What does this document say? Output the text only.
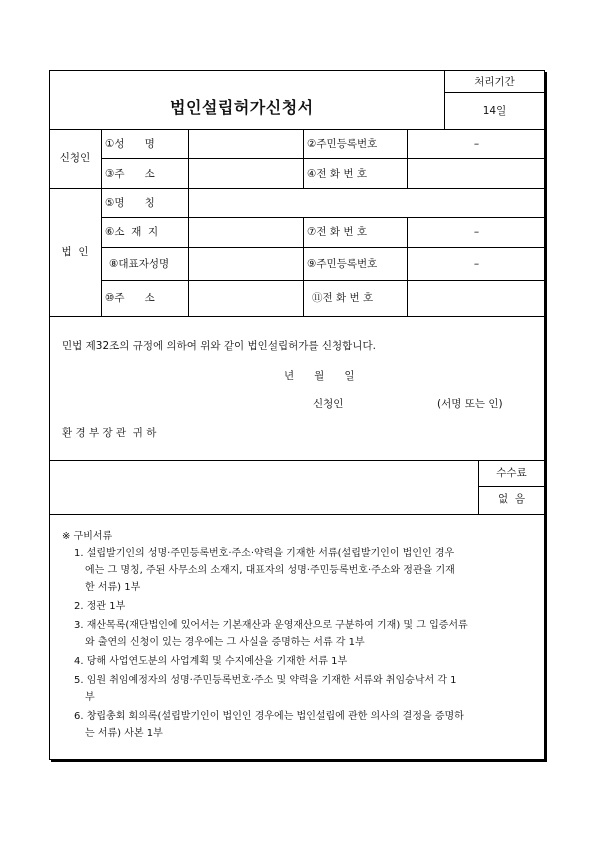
법인설립허가신청서
처리기간
14일
신청인
①성      명	②주민등록번호	–
③주      소	④전 화 번 호
법  인
⑤명      칭
⑥소  재  지	⑦전 화 번 호	–
⑧대표자성명	⑨주민등록번호	–
⑩주      소	⑪전 화 번 호
민법 제32조의 규정에 의하여 위와 같이 법인설립허가를 신청합니다.
년      월      일
신청인	(서명 또는 인)
환 경 부 장 관  귀 하
수수료
없  음
※ 구비서류
1. 설립발기인의 성명·주민등록번호·주소·약력을 기재한 서류(설립발기인이 법인인 경우
에는 그 명칭, 주된 사무소의 소재지, 대표자의 성명·주민등록번호·주소와 정관을 기재
한 서류) 1부
2. 정관 1부
3. 재산목록(재단법인에 있어서는 기본재산과 운영재산으로 구분하여 기재) 및 그 입증서류
와 출연의 신청이 있는 경우에는 그 사실을 증명하는 서류 각 1부
4. 당해 사업연도분의 사업계획 및 수지예산을 기재한 서류 1부
5. 임원 취임예정자의 성명·주민등록번호·주소 및 약력을 기재한 서류와 취임승낙서 각 1
부
6. 창립총회 회의록(설립발기인이 법인인 경우에는 법인설립에 관한 의사의 결정을 증명하
는 서류) 사본 1부
